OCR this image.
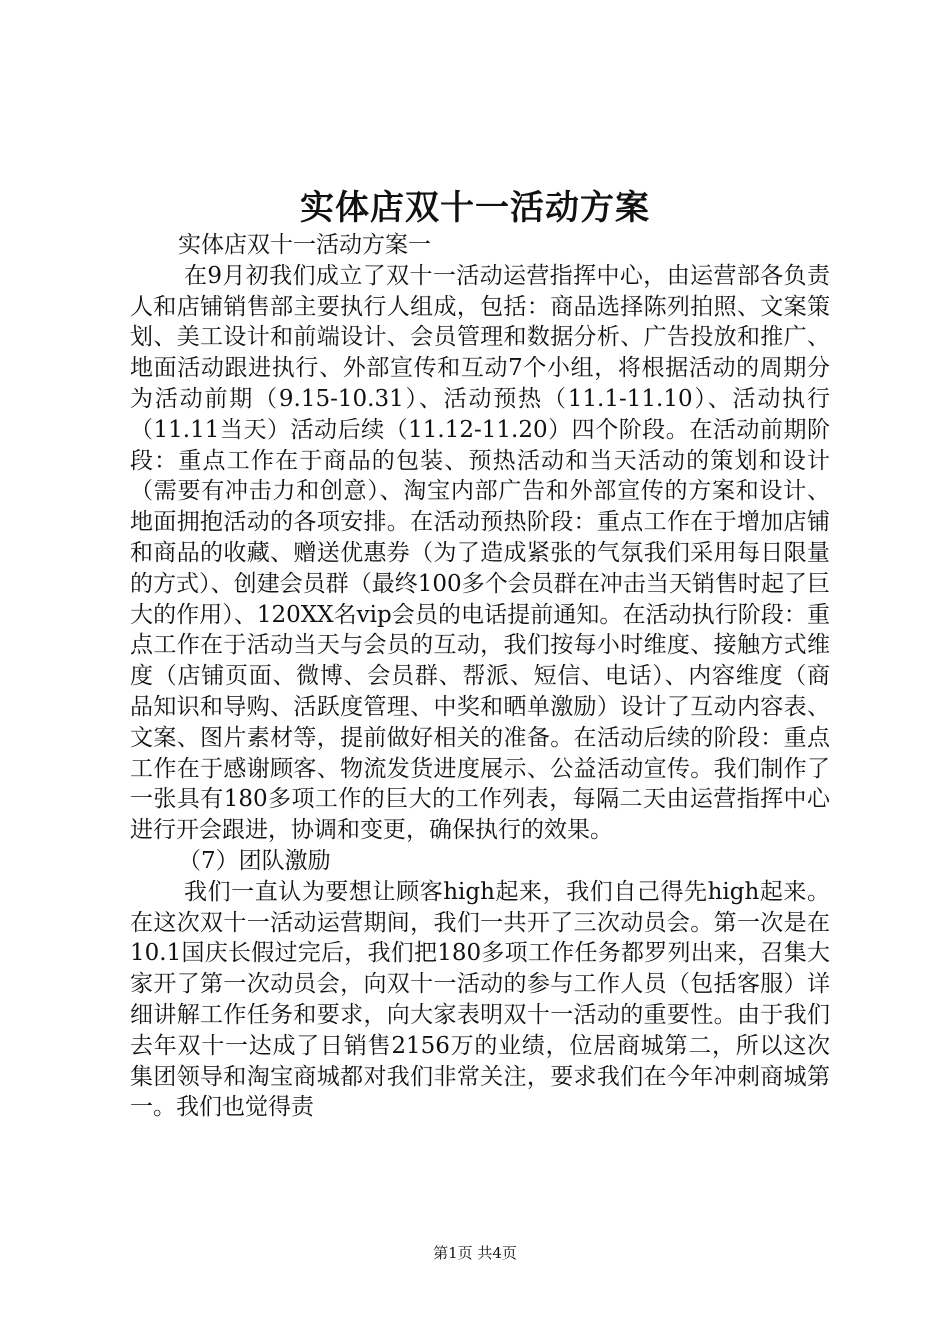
实体店双十一活动方案

实体店双十一活动方案一

在9月初我们成立了双十一活动运营指挥中心，由运营部各负责人和店铺销售部主要执行人组成，包括：商品选择陈列拍照、文案策划、美工设计和前端设计、会员管理和数据分析、广告投放和推广、地面活动跟进执行、外部宣传和互动7个小组，将根据活动的周期分为活动前期（9.15-10.31）、活动预热（11.1-11.10）、活动执行（11.11当天）活动后续（11.12-11.20）四个阶段。在活动前期阶段：重点工作在于商品的包装、预热活动和当天活动的策划和设计（需要有冲击力和创意）、淘宝内部广告和外部宣传的方案和设计、地面拥抱活动的各项安排。在活动预热阶段：重点工作在于增加店铺和商品的收藏、赠送优惠券（为了造成紧张的气氛我们采用每日限量的方式）、创建会员群（最终100多个会员群在冲击当天销售时起了巨大的作用）、120XX名vip会员的电话提前通知。在活动执行阶段：重点工作在于活动当天与会员的互动，我们按每小时维度、接触方式维度（店铺页面、微博、会员群、帮派、短信、电话）、内容维度（商品知识和导购、活跃度管理、中奖和晒单激励）设计了互动内容表、文案、图片素材等，提前做好相关的准备。在活动后续的阶段：重点工作在于感谢顾客、物流发货进度展示、公益活动宣传。我们制作了一张具有180多项工作的巨大的工作列表，每隔二天由运营指挥中心进行开会跟进，协调和变更，确保执行的效果。

（7）团队激励

我们一直认为要想让顾客high起来，我们自己得先high起来。在这次双十一活动运营期间，我们一共开了三次动员会。第一次是在10.1国庆长假过完后，我们把180多项工作任务都罗列出来，召集大家开了第一次动员会，向双十一活动的参与工作人员（包括客服）详细讲解工作任务和要求，向大家表明双十一活动的重要性。由于我们去年双十一达成了日销售2156万的业绩，位居商城第二，所以这次集团领导和淘宝商城都对我们非常关注，要求我们在今年冲刺商城第一。我们也觉得责

第1页 共4页
